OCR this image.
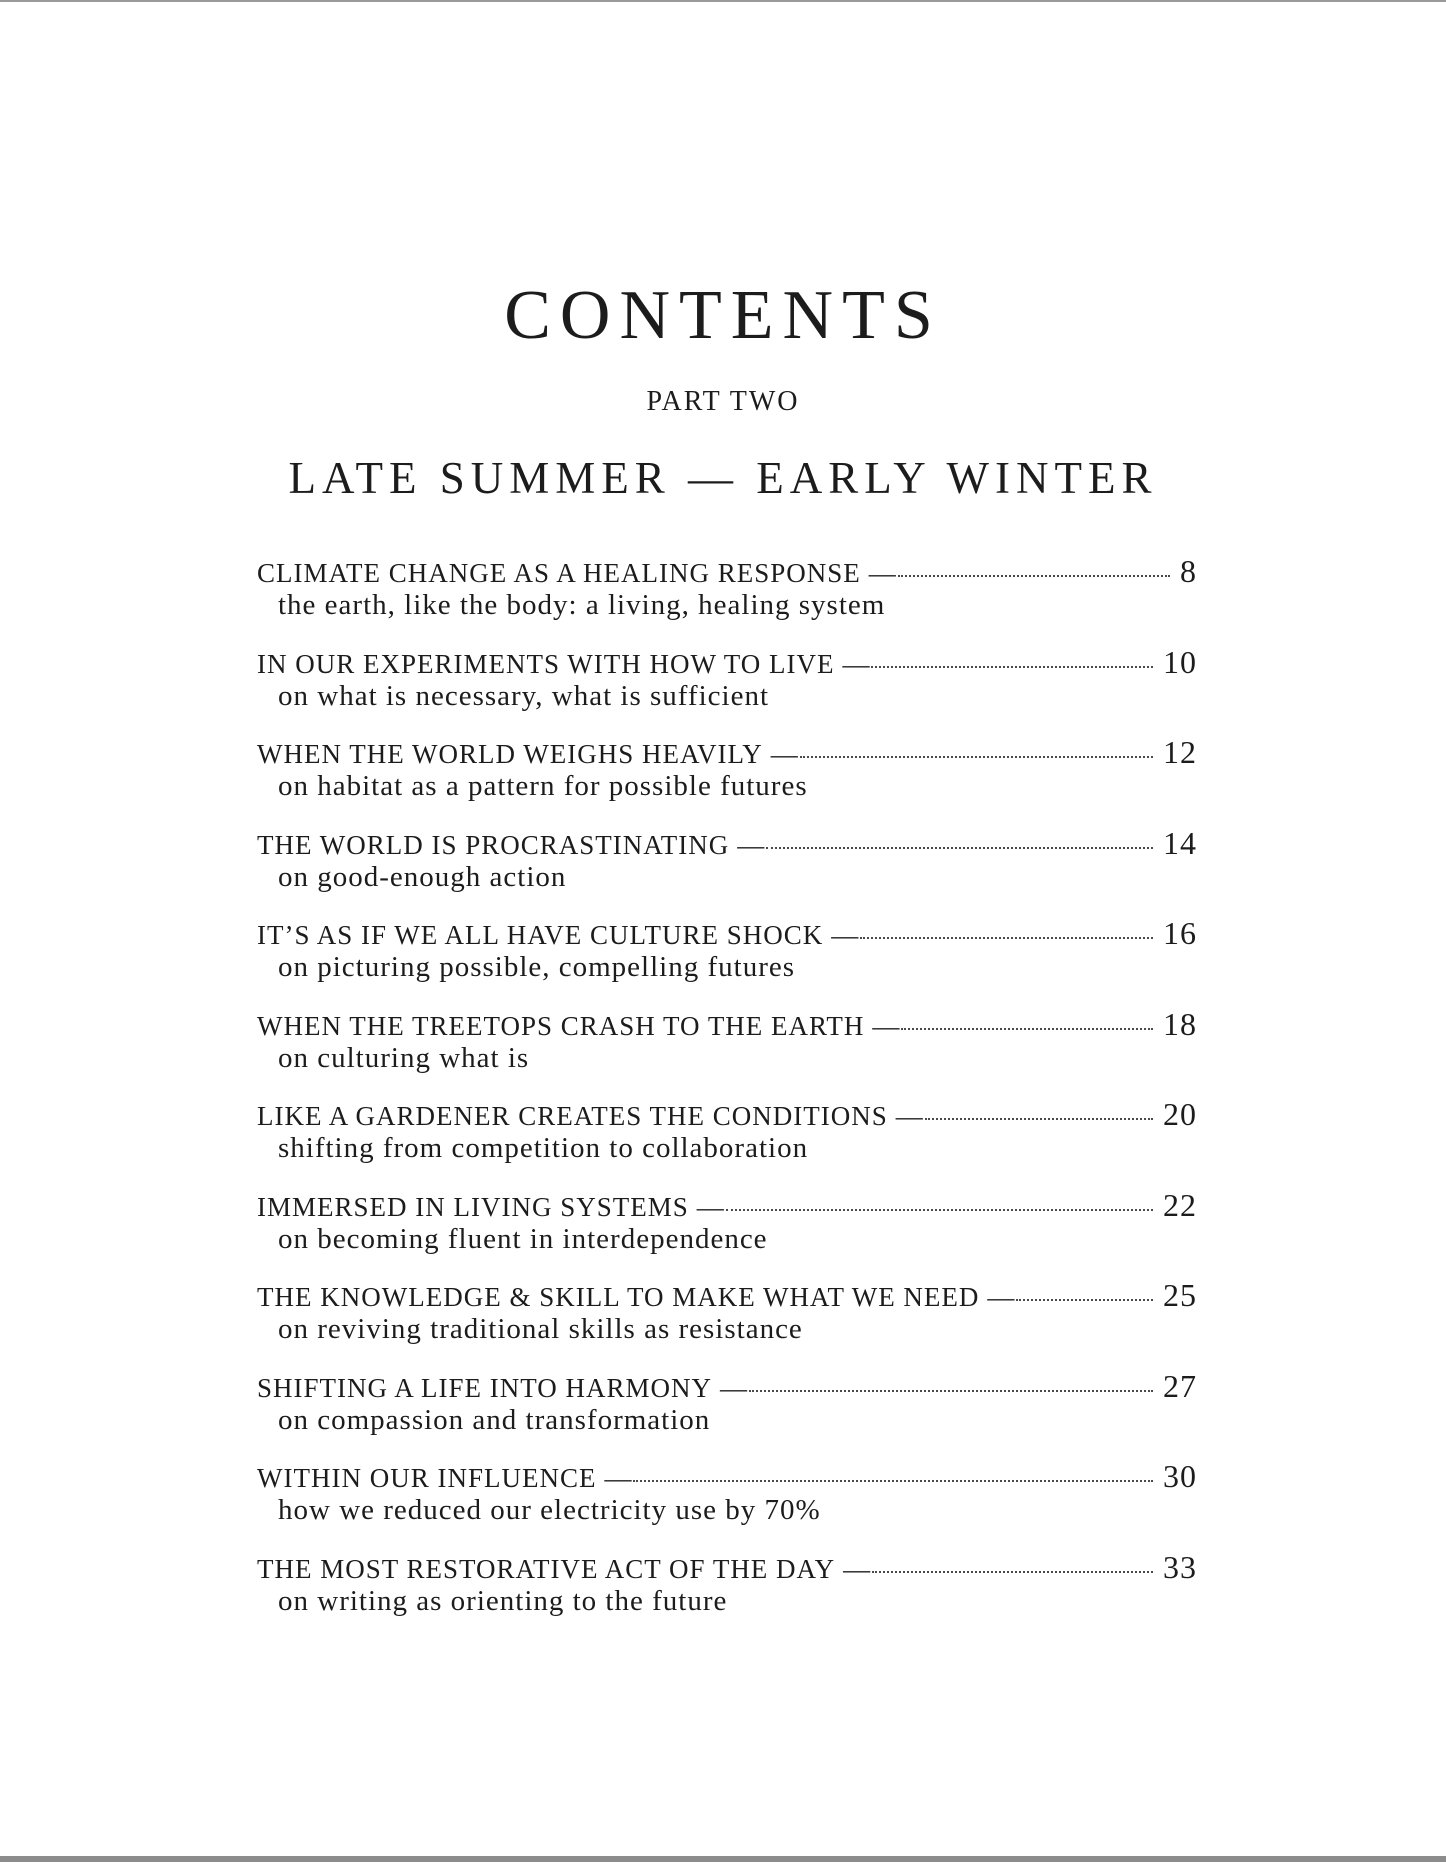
CONTENTS
PART TWO
LATE SUMMER — EARLY WINTER
CLIMATE CHANGE AS A HEALING RESPONSE —	8
the earth, like the body: a living, healing system
IN OUR EXPERIMENTS WITH HOW TO LIVE —	10
on what is necessary, what is sufficient
WHEN THE WORLD WEIGHS HEAVILY —	12
on habitat as a pattern for possible futures
THE WORLD IS PROCRASTINATING —	14
on good-enough action
IT’S AS IF WE ALL HAVE CULTURE SHOCK —	16
on picturing possible, compelling futures
WHEN THE TREETOPS CRASH TO THE EARTH —	18
on culturing what is
LIKE A GARDENER CREATES THE CONDITIONS —	20
shifting from competition to collaboration
IMMERSED IN LIVING SYSTEMS —	22
on becoming fluent in interdependence
THE KNOWLEDGE & SKILL TO MAKE WHAT WE NEED —	25
on reviving traditional skills as resistance
SHIFTING A LIFE INTO HARMONY —	27
on compassion and transformation
WITHIN OUR INFLUENCE —	30
how we reduced our electricity use by 70%
THE MOST RESTORATIVE ACT OF THE DAY —	33
on writing as orienting to the future
